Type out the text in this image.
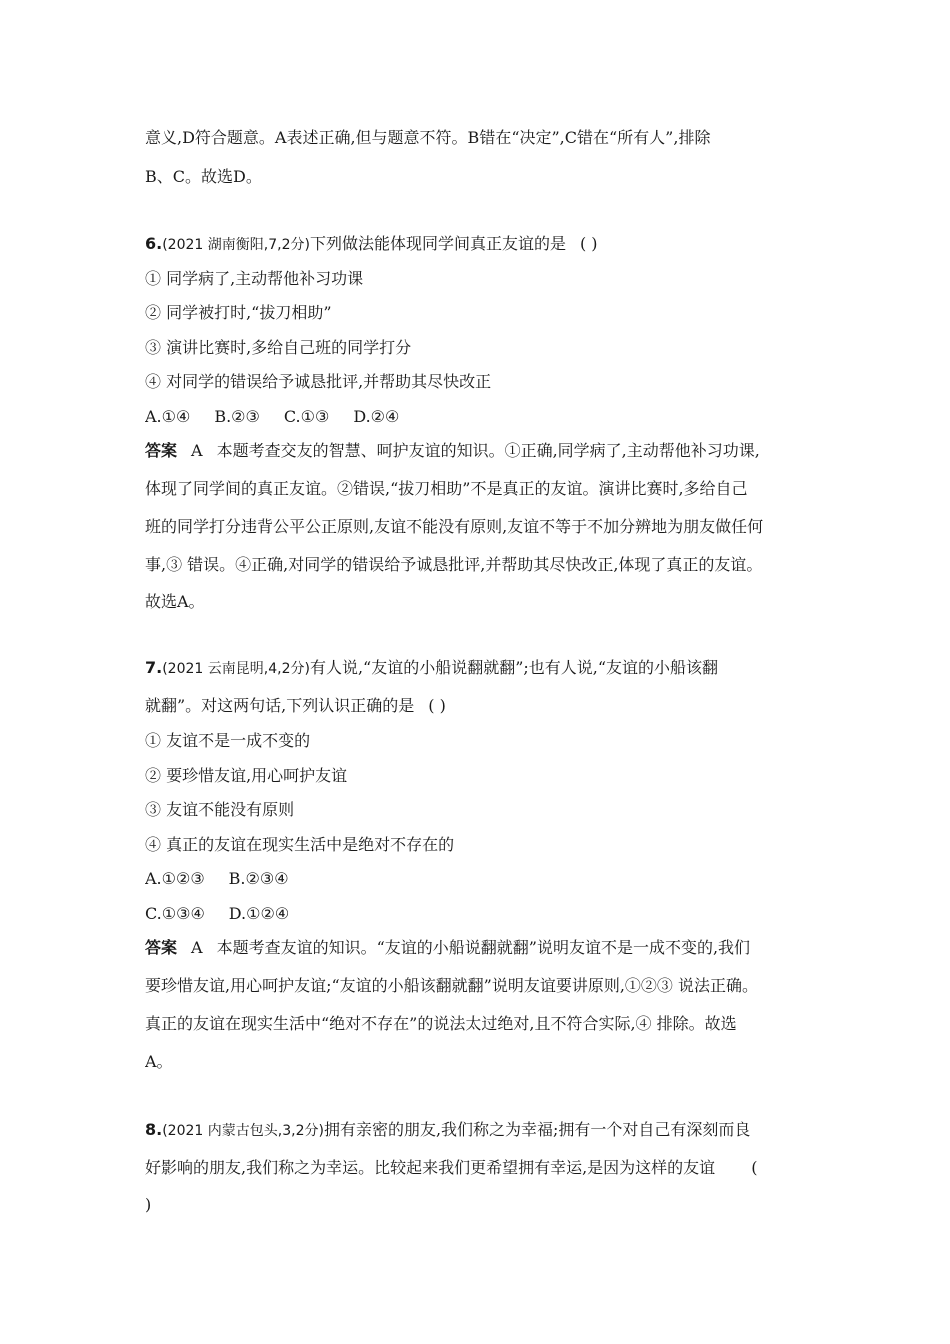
意义,D符合题意。A表述正确,但与题意不符。B错在“决定”,C错在“所有人”,排除
B、C。故选D。
6.(2021 湖南衡阳,7,2分)下列做法能体现同学间真正友谊的是 ( )
① 同学病了,主动帮他补习功课
② 同学被打时,“拔刀相助”
③ 演讲比赛时,多给自己班的同学打分
④ 对同学的错误给予诚恳批评,并帮助其尽快改正
A.①④ B.②③ C.①③ D.②④
答案 A 本题考查交友的智慧、呵护友谊的知识。①正确,同学病了,主动帮他补习功课,
体现了同学间的真正友谊。②错误,“拔刀相助”不是真正的友谊。演讲比赛时,多给自己
班的同学打分违背公平公正原则,友谊不能没有原则,友谊不等于不加分辨地为朋友做任何
事,③ 错误。④正确,对同学的错误给予诚恳批评,并帮助其尽快改正,体现了真正的友谊。
故选A。
7.(2021 云南昆明,4,2分)有人说,“友谊的小船说翻就翻”;也有人说,“友谊的小船该翻
就翻”。对这两句话,下列认识正确的是 ( )
① 友谊不是一成不变的
② 要珍惜友谊,用心呵护友谊
③ 友谊不能没有原则
④ 真正的友谊在现实生活中是绝对不存在的
A.①②③ B.②③④
C.①③④ D.①②④
答案 A 本题考查友谊的知识。“友谊的小船说翻就翻”说明友谊不是一成不变的,我们
要珍惜友谊,用心呵护友谊;“友谊的小船该翻就翻”说明友谊要讲原则,①②③ 说法正确。
真正的友谊在现实生活中“绝对不存在”的说法太过绝对,且不符合实际,④ 排除。故选
A。
8.(2021 内蒙古包头,3,2分)拥有亲密的朋友,我们称之为幸福;拥有一个对自己有深刻而良
好影响的朋友,我们称之为幸运。比较起来我们更希望拥有幸运,是因为这样的友谊 (
)
